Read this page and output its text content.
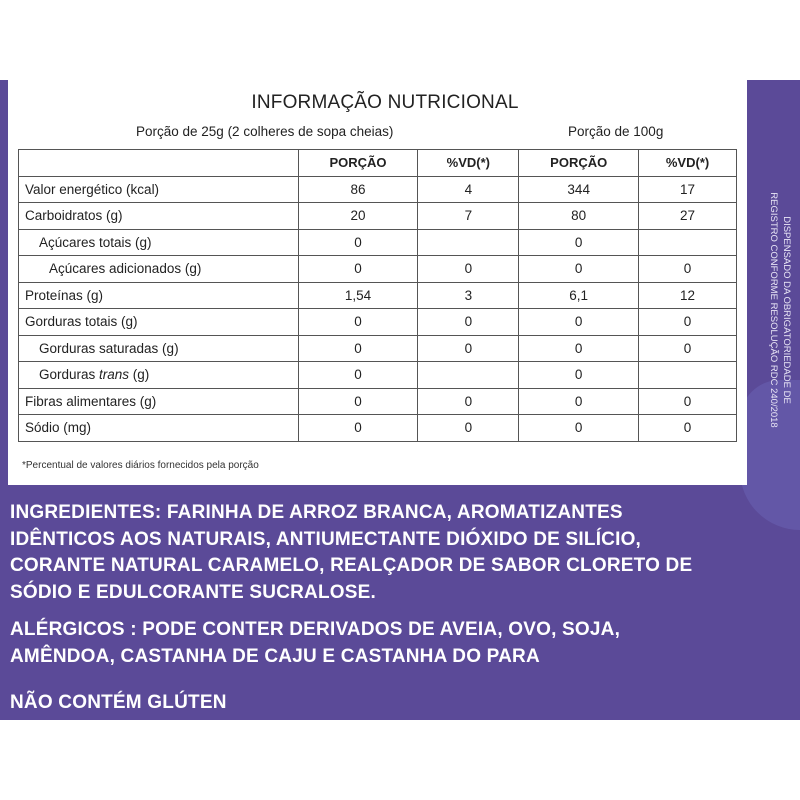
INFORMAÇÃO NUTRICIONAL
Porção de 25g (2 colheres de sopa cheias)	Porção de 100g
	PORÇÃO	%VD(*)	PORÇÃO	%VD(*)
Valor energético (kcal)	86	4	344	17
Carboidratos (g)	20	7	80	27
Açúcares totais (g)	0		0	
Açúcares adicionados (g)	0	0	0	0
Proteínas (g)	1,54	3	6,1	12
Gorduras totais (g)	0	0	0	0
Gorduras saturadas (g)	0	0	0	0
Gorduras trans (g)	0		0	
Fibras alimentares (g)	0	0	0	0
Sódio (mg)	0	0	0	0
*Percentual de valores diários fornecidos pela porção
DISPENSADO DA OBRIGATORIEDADE DE
REGISTRO CONFORME RESOLUÇÃO RDC 240/2018
INGREDIENTES: FARINHA DE ARROZ BRANCA, AROMATIZANTES
IDÊNTICOS AOS NATURAIS, ANTIUMECTANTE DIÓXIDO DE SILÍCIO,
CORANTE NATURAL CARAMELO, REALÇADOR DE SABOR CLORETO DE
SÓDIO E EDULCORANTE SUCRALOSE.
ALÉRGICOS : PODE CONTER DERIVADOS DE AVEIA, OVO, SOJA,
AMÊNDOA, CASTANHA DE CAJU E CASTANHA DO PARA
NÃO CONTÉM GLÚTEN
